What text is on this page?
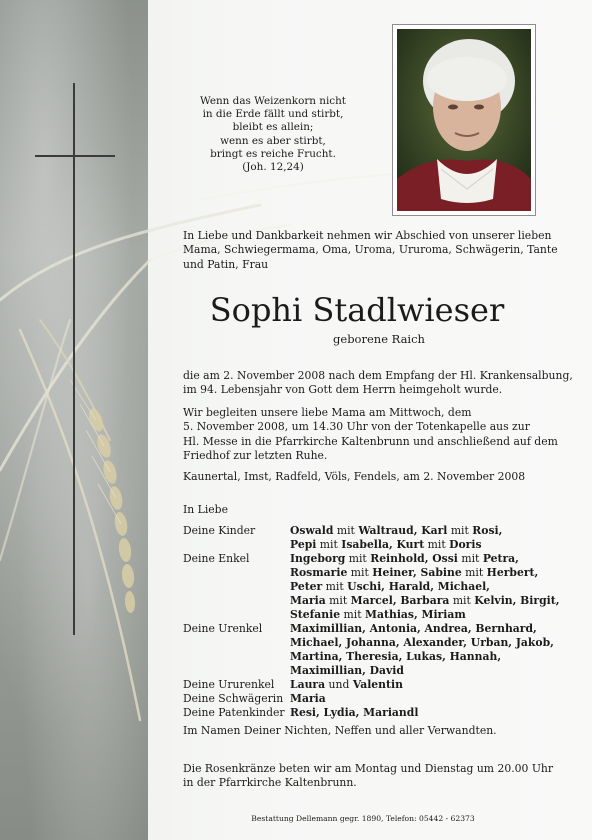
Wenn das Weizenkorn nicht
in die Erde fällt und stirbt,
bleibt es allein;
wenn es aber stirbt,
bringt es reiche Frucht.
(Joh. 12,24)
In Liebe und Dankbarkeit nehmen wir Abschied von unserer lieben
Mama, Schwiegermama, Oma, Uroma, Ururoma, Schwägerin, Tante
und Patin, Frau
Sophi Stadlwieser
geborene Raich
die am 2. November 2008 nach dem Empfang der Hl. Krankensalbung,
im 94. Lebensjahr von Gott dem Herrn heimgeholt wurde.
Wir begleiten unsere liebe Mama am Mittwoch, dem
5. November 2008, um 14.30 Uhr von der Totenkapelle aus zur
Hl. Messe in die Pfarrkirche Kaltenbrunn und anschließend auf dem
Friedhof zur letzten Ruhe.
Kaunertal, Imst, Radfeld, Völs, Fendels, am 2. November 2008
In Liebe
Deine Kinder	Oswald mit Waltraud, Karl mit Rosi,
Pepi mit Isabella, Kurt mit Doris
Deine Enkel	Ingeborg mit Reinhold, Ossi mit Petra,
Rosmarie mit Heiner, Sabine mit Herbert,
Peter mit Uschi, Harald, Michael,
Maria mit Marcel, Barbara mit Kelvin, Birgit,
Stefanie mit Mathias, Miriam
Deine Urenkel	Maximillian, Antonia, Andrea, Bernhard,
Michael, Johanna, Alexander, Urban, Jakob,
Martina, Theresia, Lukas, Hannah,
Maximillian, David
Deine Ururenkel	Laura und Valentin
Deine Schwägerin Maria
Deine Patenkinder Resi, Lydia, Mariandl
Im Namen Deiner Nichten, Neffen und aller Verwandten.
Die Rosenkränze beten wir am Montag und Dienstag um 20.00 Uhr
in der Pfarrkirche Kaltenbrunn.
Bestattung Dellemann gegr. 1890, Telefon: 05442 - 62373
